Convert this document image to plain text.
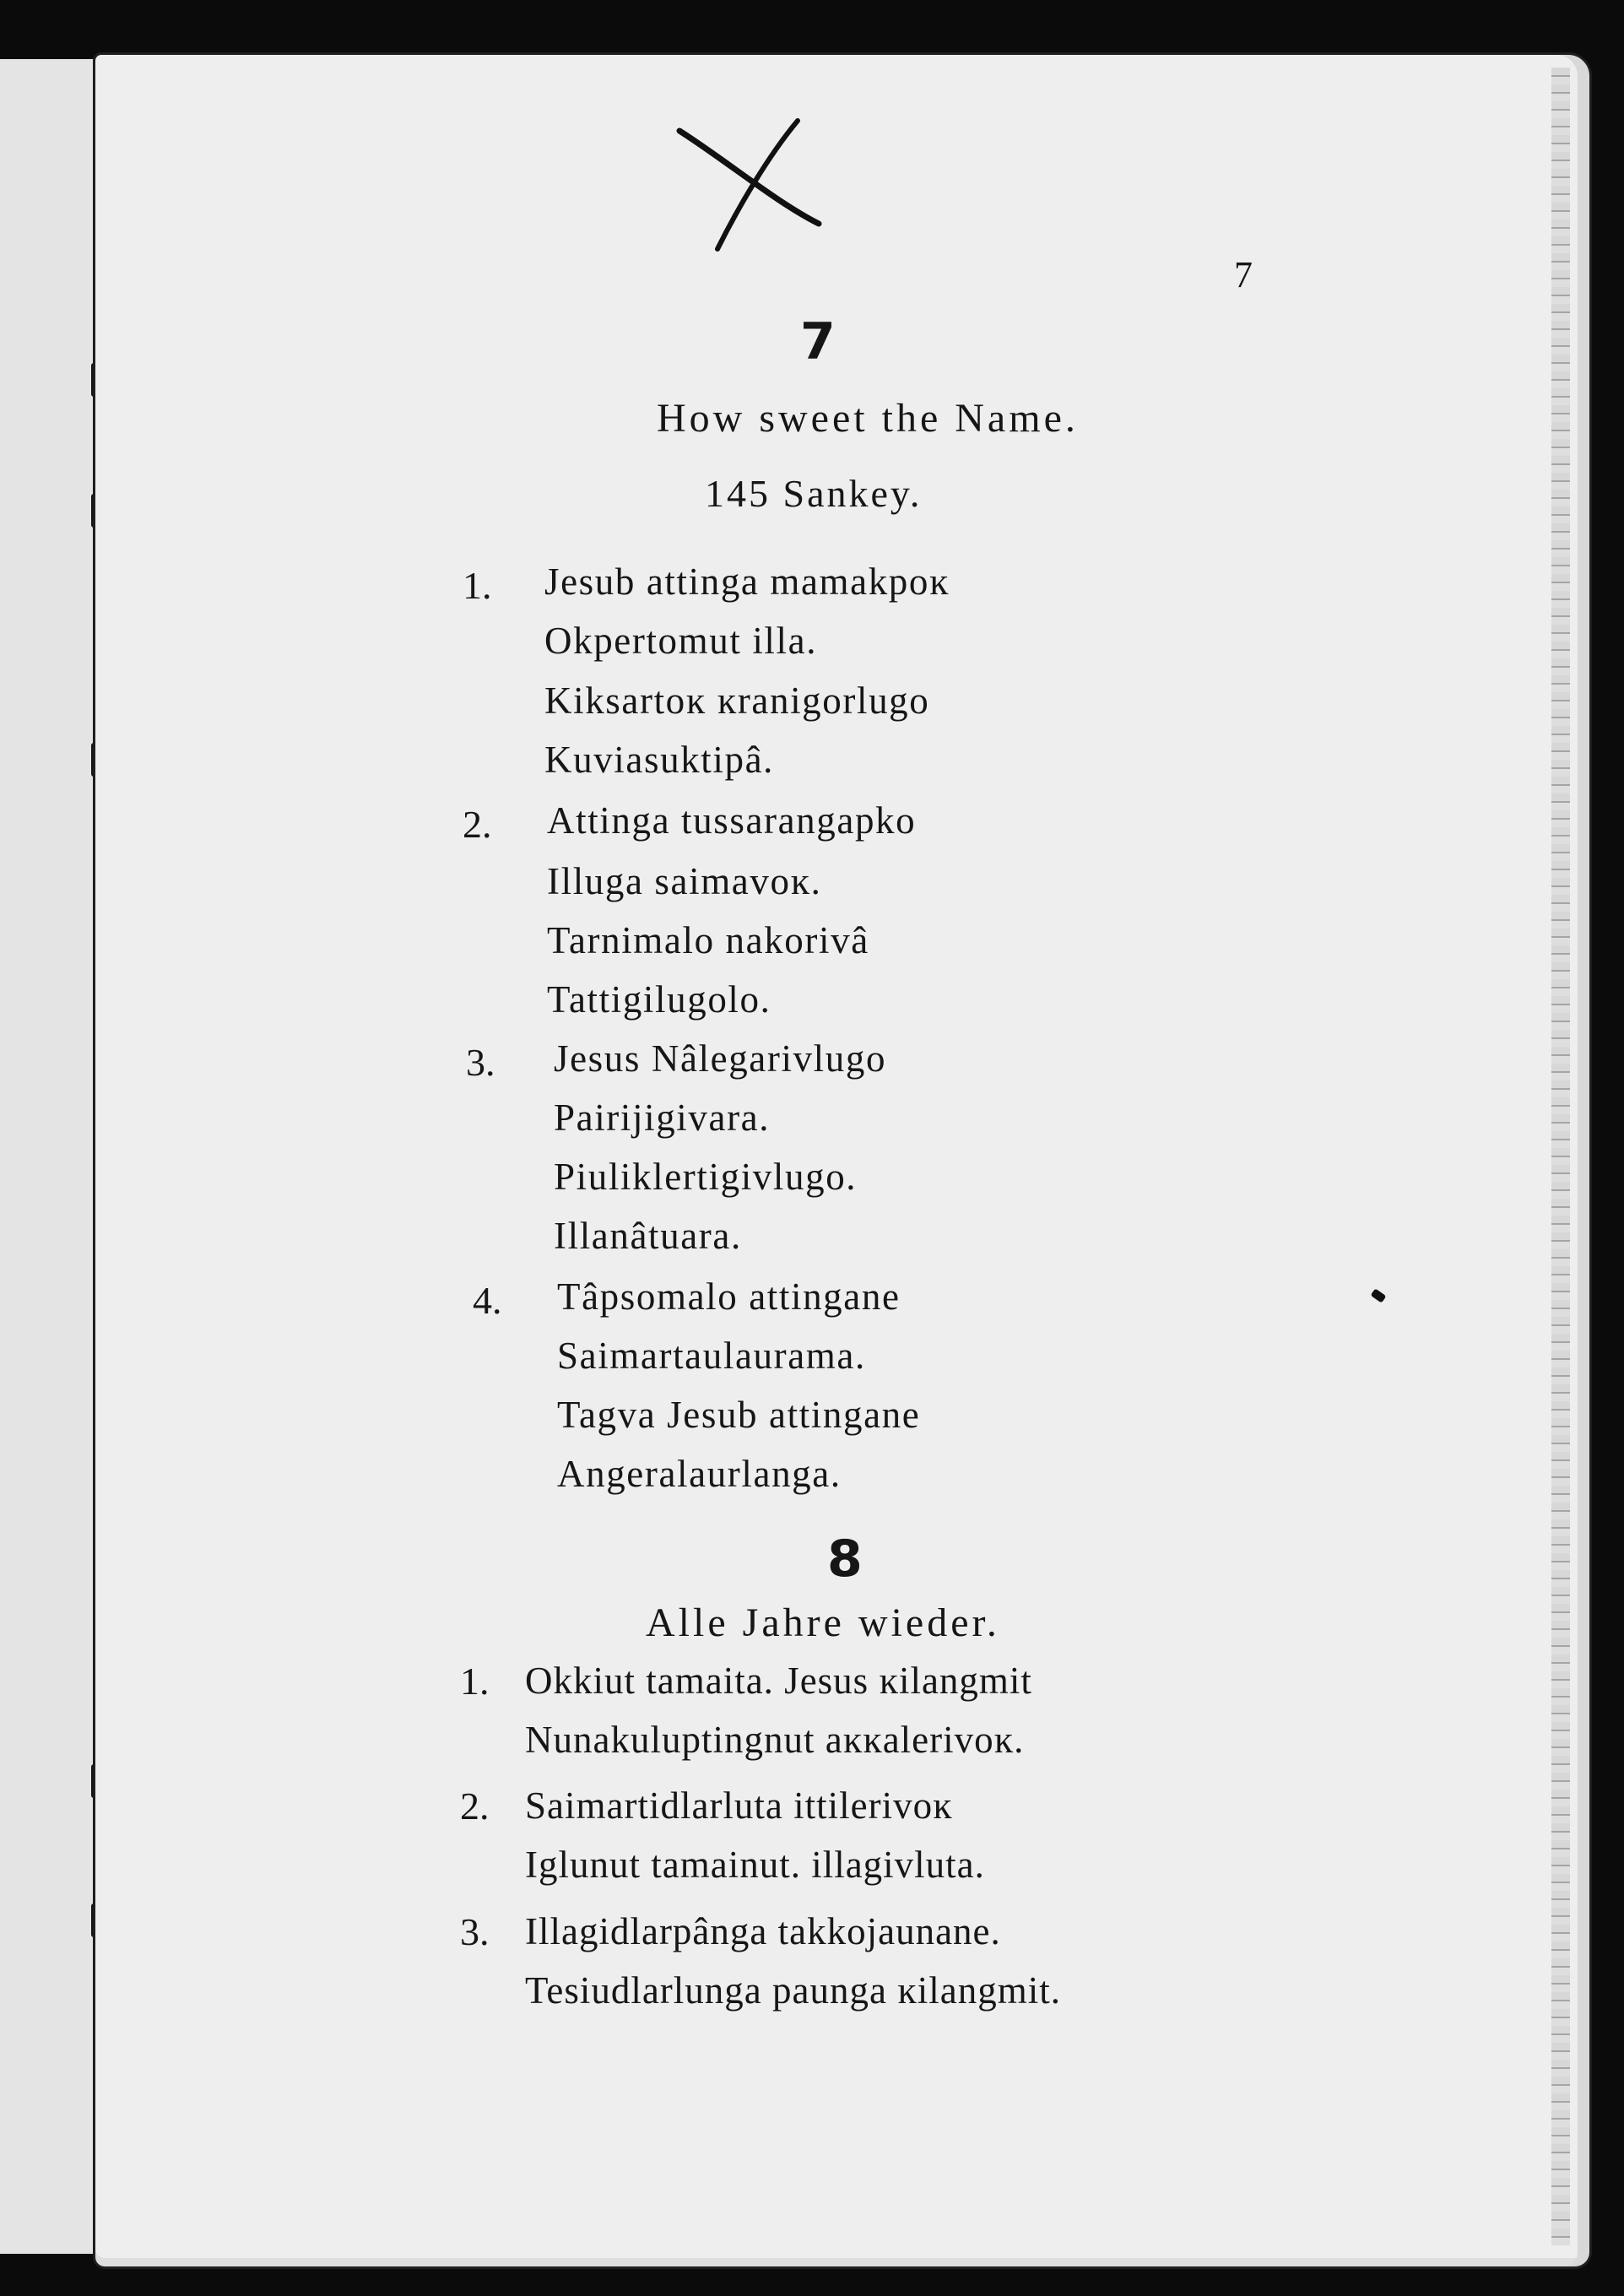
7
7
How sweet the Name.
145 Sankey.
1. Jesub attinga mamakpoĸ
Okpertomut illa.
Kiksartoĸ ĸranigorlugo
Kuviasuktipâ.
2. Attinga tussarangapko
Illuga saimavoĸ.
Tarnimalo nakorivâ
Tattigilugolo.
3. Jesus Nâlegarivlugo
Pairijigivara.
Piuliklertigivlugo.
Illanâtuara.
4. Tâpsomalo attingane
Saimartaulaurama.
Tagva Jesub attingane
Angeralaurlanga.
8
Alle Jahre wieder.
1. Okkiut tamaita. Jesus ĸilangmit
Nunakuluptingnut aĸĸalerivoĸ.
2. Saimartidlarluta ittilerivoĸ
Iglunut tamainut. illagivluta.
3. Illagidlarpânga takkojaunane.
Tesiudlarlunga paunga ĸilangmit.
